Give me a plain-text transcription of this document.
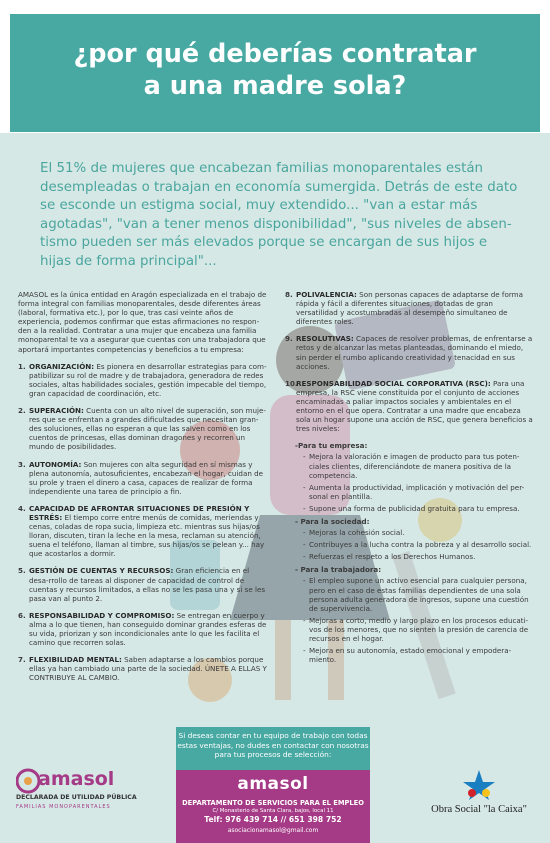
¿por qué deberías contratar
a una madre sola?

El 51% de mujeres que encabezan familias monoparentales están desempleadas o trabajan en economía sumergida. Detrás de este dato se esconde un estigma social, muy extendido... "van a estar más agotadas", "van a tener menos disponibilidad", "sus niveles de absen-tismo pueden ser más elevados porque se encargan de sus hijos e hijas de forma principal"...

AMASOL es la única entidad en Aragón especializada en el trabajo de forma integral con familias monoparentales, desde diferentes áreas (laboral, formativa etc.), por lo que, tras casi veinte años de experiencia, podemos confirmar que estas afirmaciones no respon-den a la realidad. Contratar a una mujer que encabeza una familia monoparental te va a asegurar que cuentas con una trabajadora que aportará importantes competencias y beneficios a tu empresa:

1. ORGANIZACIÓN: Es pionera en desarrollar estrategias para com-patibilizar su rol de madre y de trabajadora, generadora de redes sociales, altas habilidades sociales, gestión impecable del tiempo, gran capacidad de coordinación, etc.
2. SUPERACIÓN: Cuenta con un alto nivel de superación, son muje-res que se enfrentan a grandes dificultades que necesitan gran-des soluciones, ellas no esperan a que las salven como en los cuentos de princesas, ellas dominan dragones y recorren un mundo de posibilidades.
3. AUTONOMÍA: Son mujeres con alta seguridad en sí mismas y plena autonomía, autosuficientes, encabezan el hogar, cuidan de su prole y traen el dinero a casa, capaces de realizar de forma independiente una tarea de principio a fin.
4. CAPACIDAD DE AFRONTAR SITUACIONES DE PRESIÓN Y ESTRÉS: El tiempo corre entre menús de comidas, meriendas y cenas, coladas de ropa sucia, limpieza etc. mientras sus hijas/os lloran, discuten, tiran la leche en la mesa, reclaman su atención, suena el teléfono, llaman al timbre, sus hijas/os se pelean y... hay que acostarlos a dormir.
5. GESTIÓN DE CUENTAS Y RECURSOS: Gran eficiencia en el desa-rrollo de tareas al disponer de capacidad de control de cuentas y recursos limitados, a ellas no se les pasa una y si se les pasa van al punto 2.
6. RESPONSABILIDAD Y COMPROMISO: Se entregan en cuerpo y alma a lo que tienen, han conseguido dominar grandes esferas de su vida, priorizan y son incondicionales ante lo que les facilita el camino que recorren solas.
7. FLEXIBILIDAD MENTAL: Saben adaptarse a los cambios porque ellas ya han cambiado una parte de la sociedad. ÚNETE A ELLAS Y CONTRIBUYE AL CAMBIO.
8. POLIVALENCIA: Son personas capaces de adaptarse de forma rápida y fácil a diferentes situaciones, dotadas de gran versatilidad y acostumbradas al desempeño simultaneo de diferentes roles.
9. RESOLUTIVAS: Capaces de resolver problemas, de enfrentarse a retos y de alcanzar las metas planteadas, dominando el miedo, sin perder el rumbo aplicando creatividad y tenacidad en sus acciones.
10.
RESPONSABILIDAD SOCIAL CORPORATIVA (RSC): Para una empresa, la RSC viene constituida por el conjunto de acciones encaminadas a paliar impactos sociales y ambientales en el entorno en el que opera. Contratar a una madre que encabeza sola un hogar supone una acción de RSC, que genera beneficios a tres niveles:
-Para tu empresa:
- Mejora la valoración e imagen de producto para tus poten-ciales clientes, diferenciándote de manera positiva de la competencia.
- Aumenta la productividad, implicación y motivación del per-sonal en plantilla.
- Supone una forma de publicidad gratuita para tu empresa.
- Para la sociedad:
- Mejoras la cohesión social.
- Contribuyes a la lucha contra la pobreza y al desarrollo social.
- Refuerzas el respeto a los Derechos Humanos.
- Para la trabajadora:
- El empleo supone un activo esencial para cualquier persona, pero en el caso de estas familias dependientes de una sola persona adulta generadora de ingresos, supone una cuestión de supervivencia.
- Mejoras a corto, medio y largo plazo en los procesos educati-vos de los menores, que no sienten la presión de carencia de recursos en el hogar.
- Mejora en su autonomía, estado emocional y empodera-miento.
amasol
DECLARADA DE UTILIDAD PÚBLICA
FAMILIAS MONOPARENTALES
Si deseas contar en tu equipo de trabajo con todas estas ventajas, no dudes en contactar con nosotras para tus procesos de selección:
amasol
DEPARTAMENTO DE SERVICIOS PARA EL EMPLEO
C/ Monasterio de Santa Clara, bajos, local 11
Telf: 976 439 714 // 651 398 752
asociacionamasol@gmail.com
Obra Social "la Caixa"
